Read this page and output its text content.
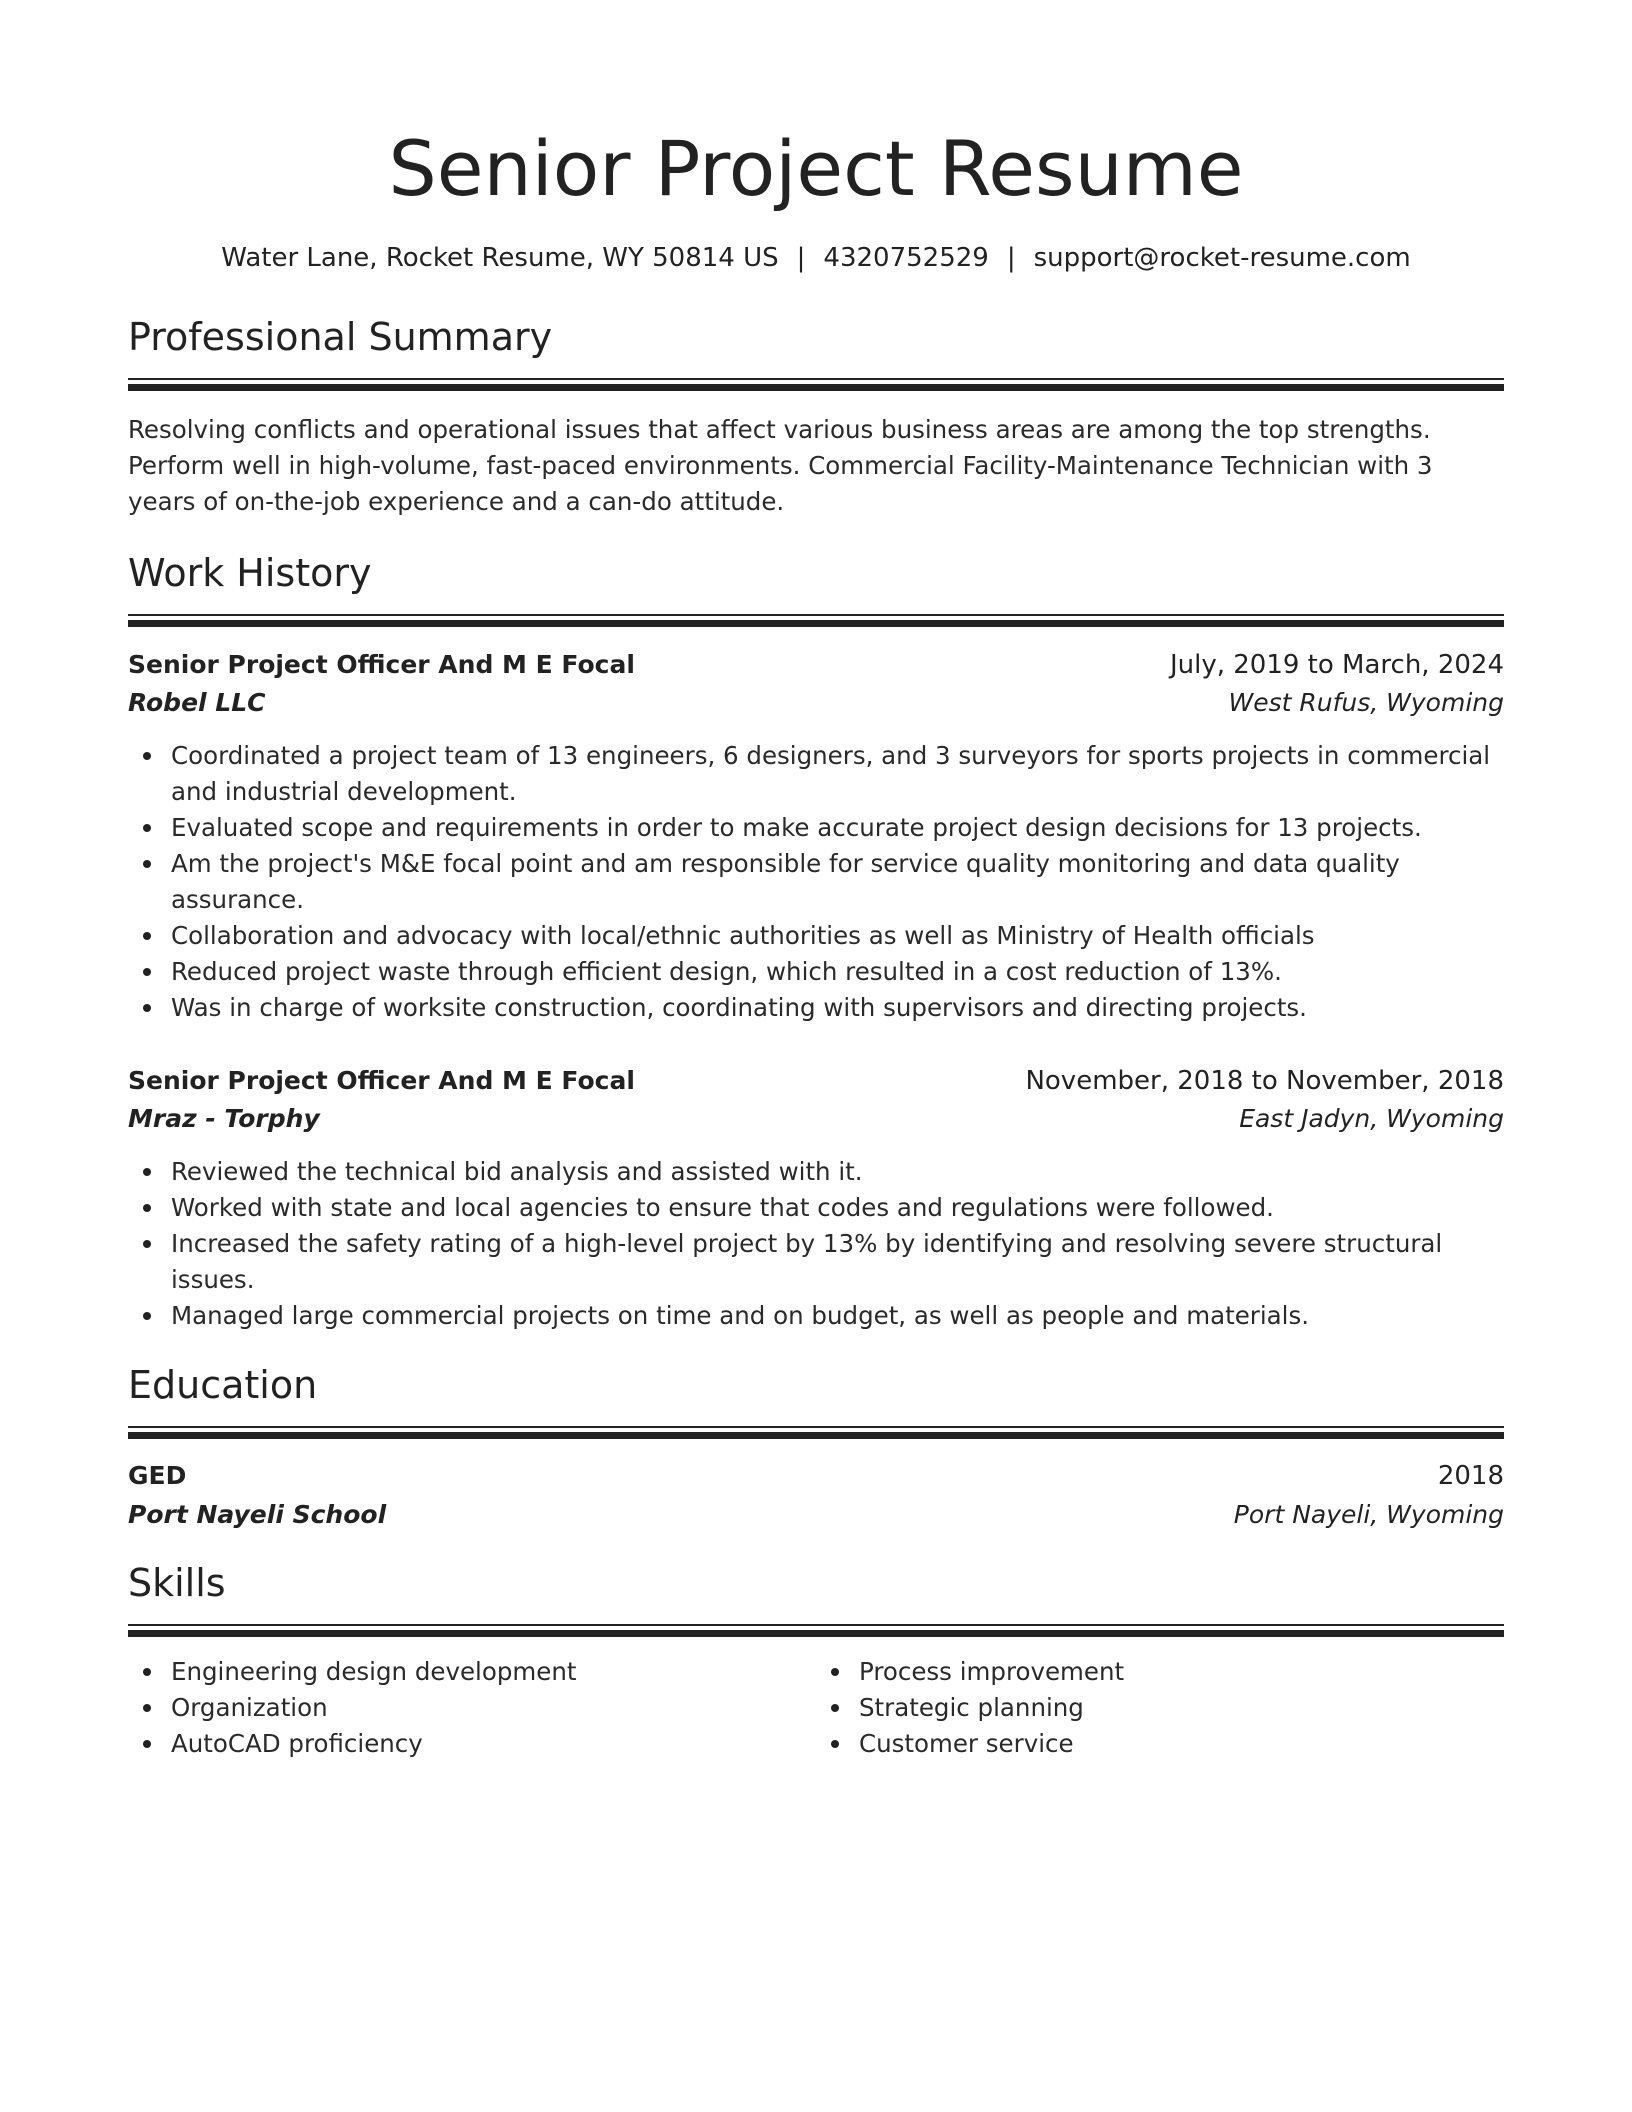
Senior Project Resume
Water Lane, Rocket Resume, WY 50814 US | 4320752529 | support@rocket-resume.com
Professional Summary

Resolving conflicts and operational issues that affect various business areas are among the top strengths. Perform well in high-volume, fast-paced environments. Commercial Facility-Maintenance Technician with 3 years of on-the-job experience and a can-do attitude.

Work History
Senior Project Officer And M E Focal	July, 2019 to March, 2024
Robel LLC	West Rufus, Wyoming
Coordinated a project team of 13 engineers, 6 designers, and 3 surveyors for sports projects in commercial and industrial development.
Evaluated scope and requirements in order to make accurate project design decisions for 13 projects.
Am the project's M&E focal point and am responsible for service quality monitoring and data quality assurance.
Collaboration and advocacy with local/ethnic authorities as well as Ministry of Health officials
Reduced project waste through efficient design, which resulted in a cost reduction of 13%.
Was in charge of worksite construction, coordinating with supervisors and directing projects.
Senior Project Officer And M E Focal	November, 2018 to November, 2018
Mraz - Torphy	East Jadyn, Wyoming
Reviewed the technical bid analysis and assisted with it.
Worked with state and local agencies to ensure that codes and regulations were followed.
Increased the safety rating of a high-level project by 13% by identifying and resolving severe structural issues.
Managed large commercial projects on time and on budget, as well as people and materials.
Education
GED	2018
Port Nayeli School	Port Nayeli, Wyoming
Skills
Engineering design development
Organization
AutoCAD proficiency
Process improvement
Strategic planning
Customer service
